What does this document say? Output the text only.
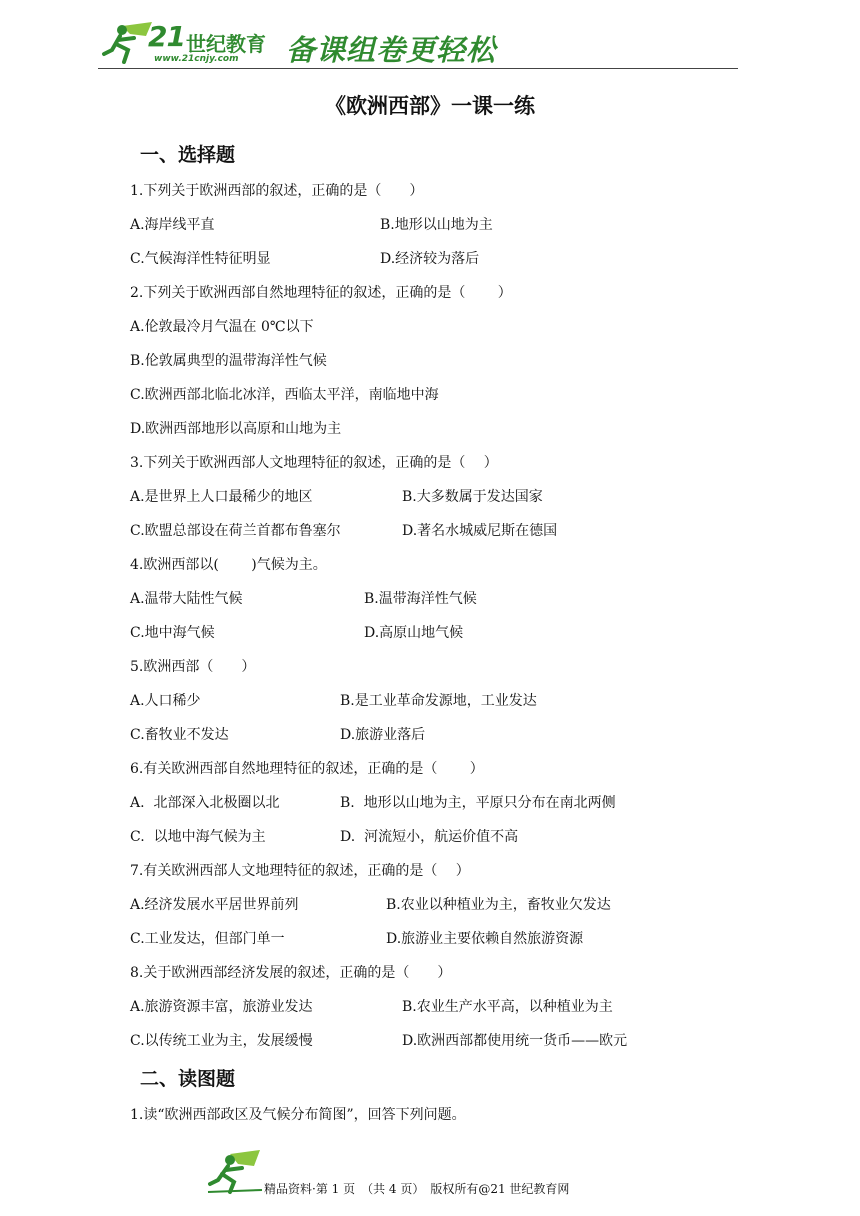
21 世纪教育
www.21cnjy.com 备课组卷更轻松
《欧洲西部》一课一练
一、选择题
1.下列关于欧洲西部的叙述，正确的是（　　）
A.海岸线平直	B.地形以山地为主
C.气候海洋性特征明显	D.经济较为落后
2.下列关于欧洲西部自然地理特征的叙述，正确的是（　　 ）
A.伦敦最冷月气温在 0℃以下
B.伦敦属典型的温带海洋性气候
C.欧洲西部北临北冰洋，西临太平洋，南临地中海
D.欧洲西部地形以高原和山地为主
3.下列关于欧洲西部人文地理特征的叙述，正确的是（　 ）
A.是世界上人口最稀少的地区	B.大多数属于发达国家
C.欧盟总部设在荷兰首都布鲁塞尔	D.著名水城威尼斯在德国
4.欧洲西部以(　　 )气候为主。
A.温带大陆性气候	B.温带海洋性气候
C.地中海气候	D.高原山地气候
5.欧洲西部（　　）
A.人口稀少	B.是工业革命发源地，工业发达
C.畜牧业不发达	D.旅游业落后
6.有关欧洲西部自然地理特征的叙述，正确的是（　　 ）
A.  北部深入北极圈以北	B.  地形以山地为主，平原只分布在南北两侧
C.  以地中海气候为主	D.  河流短小，航运价值不高
7.有关欧洲西部人文地理特征的叙述，正确的是（　 ）
A.经济发展水平居世界前列	B.农业以种植业为主，畜牧业欠发达
C.工业发达，但部门单一	D.旅游业主要依赖自然旅游资源
8.关于欧洲西部经济发展的叙述，正确的是（　　）
A.旅游资源丰富，旅游业发达	B.农业生产水平高，以种植业为主
C.以传统工业为主，发展缓慢	D.欧洲西部都使用统一货币——欧元
二、读图题
1.读“欧洲西部政区及气候分布简图”，回答下列问题。
精品资料·第 1 页　（共 4 页）　版权所有@21 世纪教育网
